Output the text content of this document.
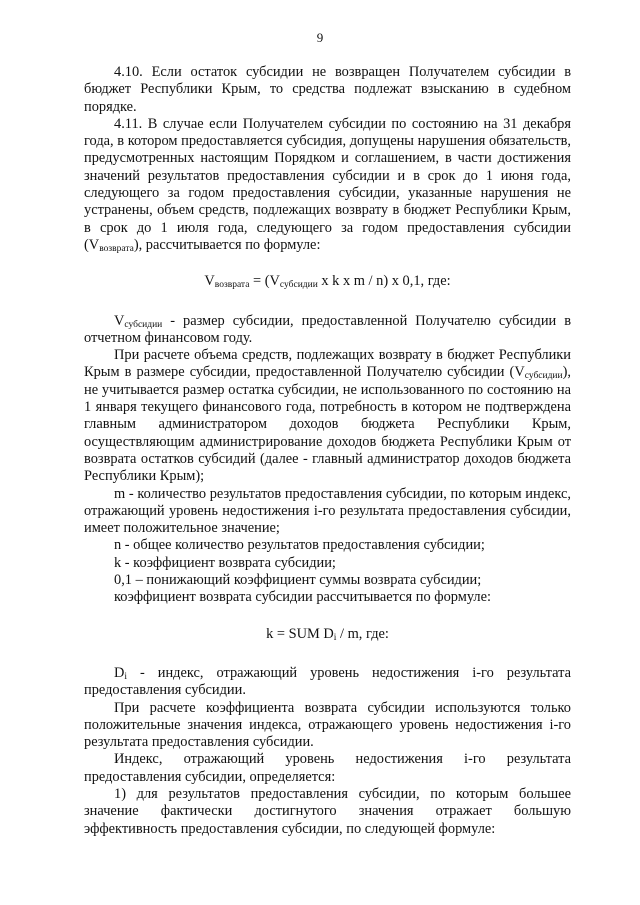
9

4.10. Если остаток субсидии не возвращен Получателем субсидии в бюджет Республики Крым, то средства подлежат взысканию в судебном порядке.

4.11. В случае если Получателем субсидии по состоянию на 31 декабря года, в котором предоставляется субсидия, допущены нарушения обязательств, предусмотренных настоящим Порядком и соглашением, в части достижения значений результатов предоставления субсидии и в срок до 1 июня года, следующего за годом предоставления субсидии, указанные нарушения не устранены, объем средств, подлежащих возврату в бюджет Республики Крым, в срок до 1 июля года, следующего за годом предоставления субсидии $(V_{возврата})$, рассчитывается по формуле:

$V_{возврата} = (V_{субсидии}$ x k x m / n) x 0,1, где:

$V_{субсидии}$ - размер субсидии, предоставленной Получателю субсидии в отчетном финансовом году.

При расчете объема средств, подлежащих возврату в бюджет Республики Крым в размере субсидии, предоставленной Получателю субсидии $(V_{субсидии})$, не учитывается размер остатка субсидии, не использованного по состоянию на 1 января текущего финансового года, потребность в котором не подтверждена главным администратором доходов бюджета Республики Крым, осуществляющим администрирование доходов бюджета Республики Крым от возврата остатков субсидий (далее - главный администратор доходов бюджета Республики Крым);

m - количество результатов предоставления субсидии, по которым индекс, отражающий уровень недостижения i-го результата предоставления субсидии, имеет положительное значение;

n - общее количество результатов предоставления субсидии;

k - коэффициент возврата субсидии;

0,1 – понижающий коэффициент суммы возврата субсидии;

коэффициент возврата субсидии рассчитывается по формуле:

k = SUM $D_i$ / m, где:

$D_i$ - индекс, отражающий уровень недостижения i-го результата предоставления субсидии.

При расчете коэффициента возврата субсидии используются только положительные значения индекса, отражающего уровень недостижения i-го результата предоставления субсидии.

Индекс, отражающий уровень недостижения i-го результата предоставления субсидии, определяется:

1) для результатов предоставления субсидии, по которым большее значение фактически достигнутого значения отражает большую эффективность предоставления субсидии, по следующей формуле:
